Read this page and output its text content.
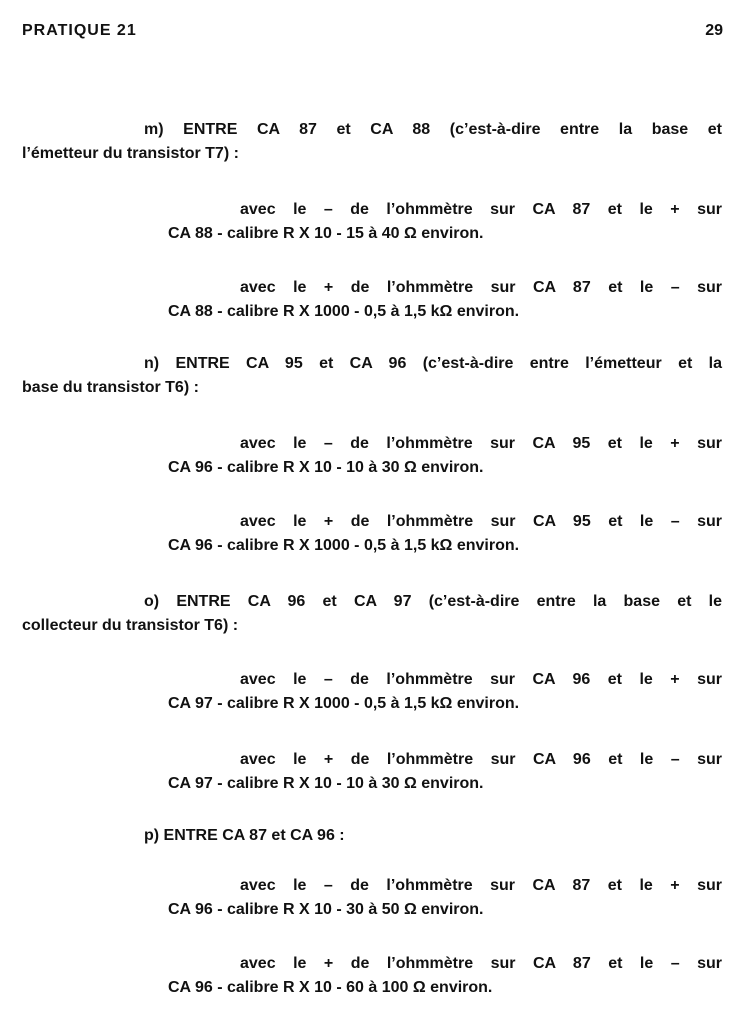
PRATIQUE 21	29
m) ENTRE CA 87 et CA 88 (c’est-à-dire entre la base et
l’émetteur du transistor T7) :
avec le – de l’ohmmètre sur CA 87 et le + sur
CA 88 - calibre R X 10 - 15 à 40 Ω environ.
avec le + de l’ohmmètre sur CA 87 et le – sur
CA 88 - calibre R X 1000 - 0,5 à 1,5 kΩ environ.
n) ENTRE CA 95 et CA 96 (c’est-à-dire entre l’émetteur et la
base du transistor T6) :
avec le – de l’ohmmètre sur CA 95 et le + sur
CA 96 - calibre R X 10 - 10 à 30 Ω environ.
avec le + de l’ohmmètre sur CA 95 et le – sur
CA 96 - calibre R X 1000 - 0,5 à 1,5 kΩ environ.
o) ENTRE CA 96 et CA 97 (c’est-à-dire entre la base et le
collecteur du transistor T6) :
avec le – de l’ohmmètre sur CA 96 et le + sur
CA 97 - calibre R X 1000 - 0,5 à 1,5 kΩ environ.
avec le + de l’ohmmètre sur CA 96 et le – sur
CA 97 - calibre R X 10 - 10 à 30 Ω environ.
p) ENTRE CA 87 et CA 96 :
avec le – de l’ohmmètre sur CA 87 et le + sur
CA 96 - calibre R X 10 - 30 à 50 Ω environ.
avec le + de l’ohmmètre sur CA 87 et le – sur
CA 96 - calibre R X 10 - 60 à 100 Ω environ.
